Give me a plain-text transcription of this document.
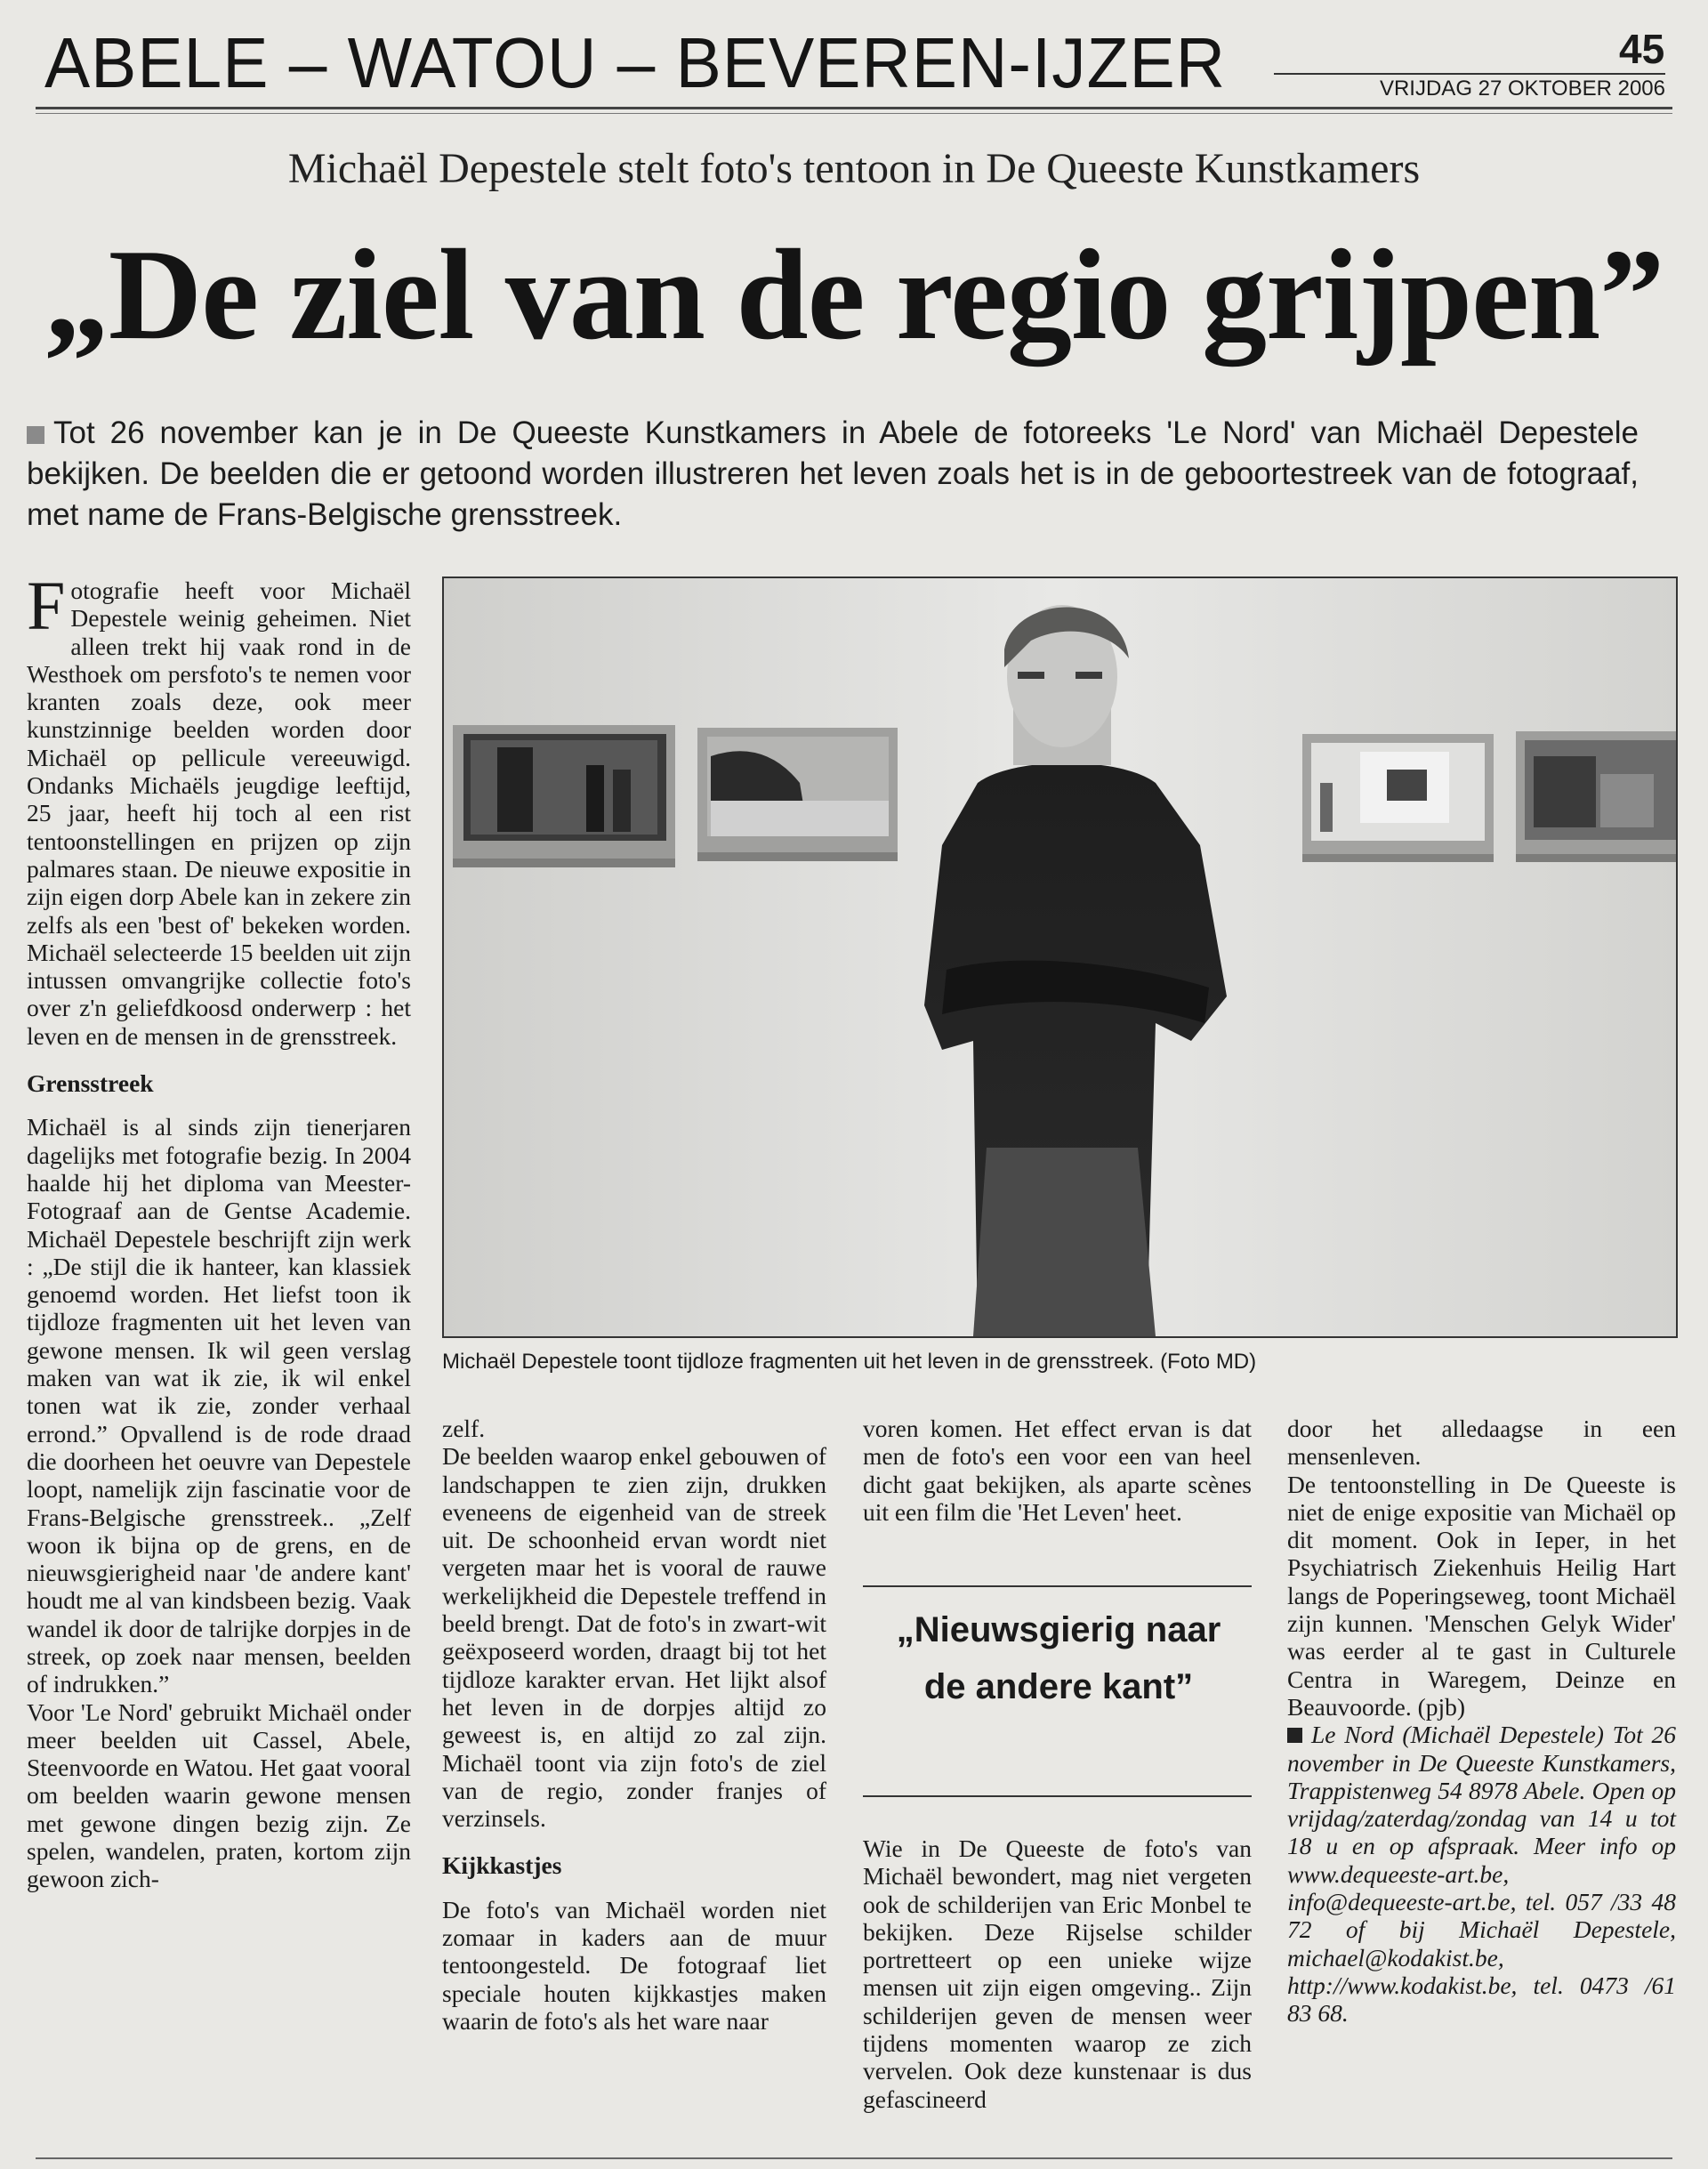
ABELE – WATOU – BEVEREN-IJZER	45
VRIJDAG 27 OKTOBER 2006
Michaël Depestele stelt foto's tentoon in De Queeste Kunstkamers
„De ziel van de regio grijpen”
Tot 26 november kan je in De Queeste Kunstkamers in Abele de fotoreeks 'Le Nord' van Michaël Depestele bekijken. De beelden die er getoond worden illustreren het leven zoals het is in de geboortestreek van de fotograaf, met name de Frans-Belgische grensstreek.

F otografie heeft voor Michaël Depestele weinig geheimen. Niet alleen trekt hij vaak rond in de Westhoek om persfoto's te nemen voor kranten zoals deze, ook meer kunstzinnige beelden worden door Michaël op pellicule vereeuwigd. Ondanks Michaëls jeugdige leeftijd, 25 jaar, heeft hij toch al een rist tentoonstellingen en prijzen op zijn palmares staan. De nieuwe expositie in zijn eigen dorp Abele kan in zekere zin zelfs als een 'best of' bekeken worden. Michaël selecteerde 15 beelden uit zijn intussen omvangrijke collectie foto's over z'n geliefdkoosd onderwerp : het leven en de mensen in de grensstreek.

Grensstreek

Michaël is al sinds zijn tienerjaren dagelijks met fotografie bezig. In 2004 haalde hij het diploma van Meester-Fotograaf aan de Gentse Academie. Michaël Depestele beschrijft zijn werk : „De stijl die ik hanteer, kan klassiek genoemd worden. Het liefst toon ik tijdloze fragmenten uit het leven van gewone mensen. Ik wil geen verslag maken van wat ik zie, ik wil enkel tonen wat ik zie, zonder verhaal errond.” Opvallend is de rode draad die doorheen het oeuvre van Depestele loopt, namelijk zijn fascinatie voor de Frans-Belgische grensstreek.. „Zelf woon ik bijna op de grens, en de nieuwsgierigheid naar 'de andere kant' houdt me al van kindsbeen bezig. Vaak wandel ik door de talrijke dorpjes in de streek, op zoek naar mensen, beelden of indrukken.”

Voor 'Le Nord' gebruikt Michaël onder meer beelden uit Cassel, Abele, Steenvoorde en Watou. Het gaat vooral om beelden waarin gewone mensen met gewone dingen bezig zijn. Ze spelen, wandelen, praten, kortom zijn gewoon zich-

Michaël Depestele toont tijdloze fragmenten uit het leven in de grensstreek. (Foto MD)

zelf.

De beelden waarop enkel gebouwen of landschappen te zien zijn, drukken eveneens de eigenheid van de streek uit. De schoonheid ervan wordt niet vergeten maar het is vooral de rauwe werkelijkheid die Depestele treffend in beeld brengt. Dat de foto's in zwart-wit geëxposeerd worden, draagt bij tot het tijdloze karakter ervan. Het lijkt alsof het leven in de dorpjes altijd zo geweest is, en altijd zo zal zijn. Michaël toont via zijn foto's de ziel van de regio, zonder franjes of verzinsels.

Kijkkastjes

De foto's van Michaël worden niet zomaar in kaders aan de muur tentoongesteld. De fotograaf liet speciale houten kijkkastjes maken waarin de foto's als het ware naar

voren komen. Het effect ervan is dat men de foto's een voor een van heel dicht gaat bekijken, als aparte scènes uit een film die 'Het Leven' heet.

„Nieuwsgierig naar de andere kant”

Wie in De Queeste de foto's van Michaël bewondert, mag niet vergeten ook de schilderijen van Eric Monbel te bekijken. Deze Rijselse schilder portretteert op een unieke wijze mensen uit zijn eigen omgeving.. Zijn schilderijen geven de mensen weer tijdens momenten waarop ze zich vervelen. Ook deze kunstenaar is dus gefascineerd

door het alledaagse in een mensenleven.

De tentoonstelling in De Queeste is niet de enige expositie van Michaël op dit moment. Ook in Ieper, in het Psychiatrisch Ziekenhuis Heilig Hart langs de Poperingseweg, toont Michaël zijn kunnen. 'Menschen Gelyk Wider' was eerder al te gast in Culturele Centra in Waregem, Deinze en Beauvoorde. (pjb)

Le Nord (Michaël Depestele) Tot 26 november in De Queeste Kunstkamers, Trappistenweg 54 8978 Abele. Open op vrijdag/zaterdag/zondag van 14 u tot 18 u en op afspraak. Meer info op www.dequeeste-art.be, info@dequeeste-art.be, tel. 057 /33 48 72 of bij Michaël Depestele, michael@kodakist.be, http://www.kodakist.be, tel. 0473 /61 83 68.
